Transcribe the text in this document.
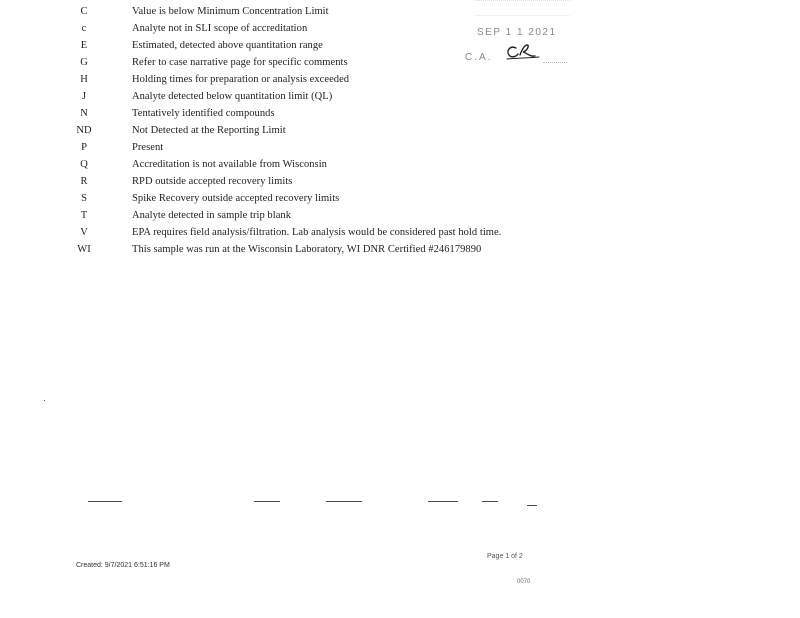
C	Value is below Minimum Concentration Limit
c	Analyte not in SLI scope of accreditation
E	Estimated, detected above quantitation range
G	Refer to case narrative page for specific comments
H	Holding times for preparation or analysis exceeded
J	Analyte detected below quantitation limit (QL)
N	Tentatively identified compounds
ND	Not Detected at the Reporting Limit
P	Present
Q	Accreditation is not available from Wisconsin
R	RPD outside accepted recovery limits
S	Spike Recovery outside accepted recovery limits
T	Analyte detected in sample trip blank
V	EPA requires field analysis/filtration. Lab analysis would be considered past hold time.
WI	This sample was run at the Wisconsin Laboratory, WI DNR Certified #246179890
SEP 1 1 2021
C.A.
Created: 9/7/2021 6:51:16 PM
Page 1 of 2
0070
